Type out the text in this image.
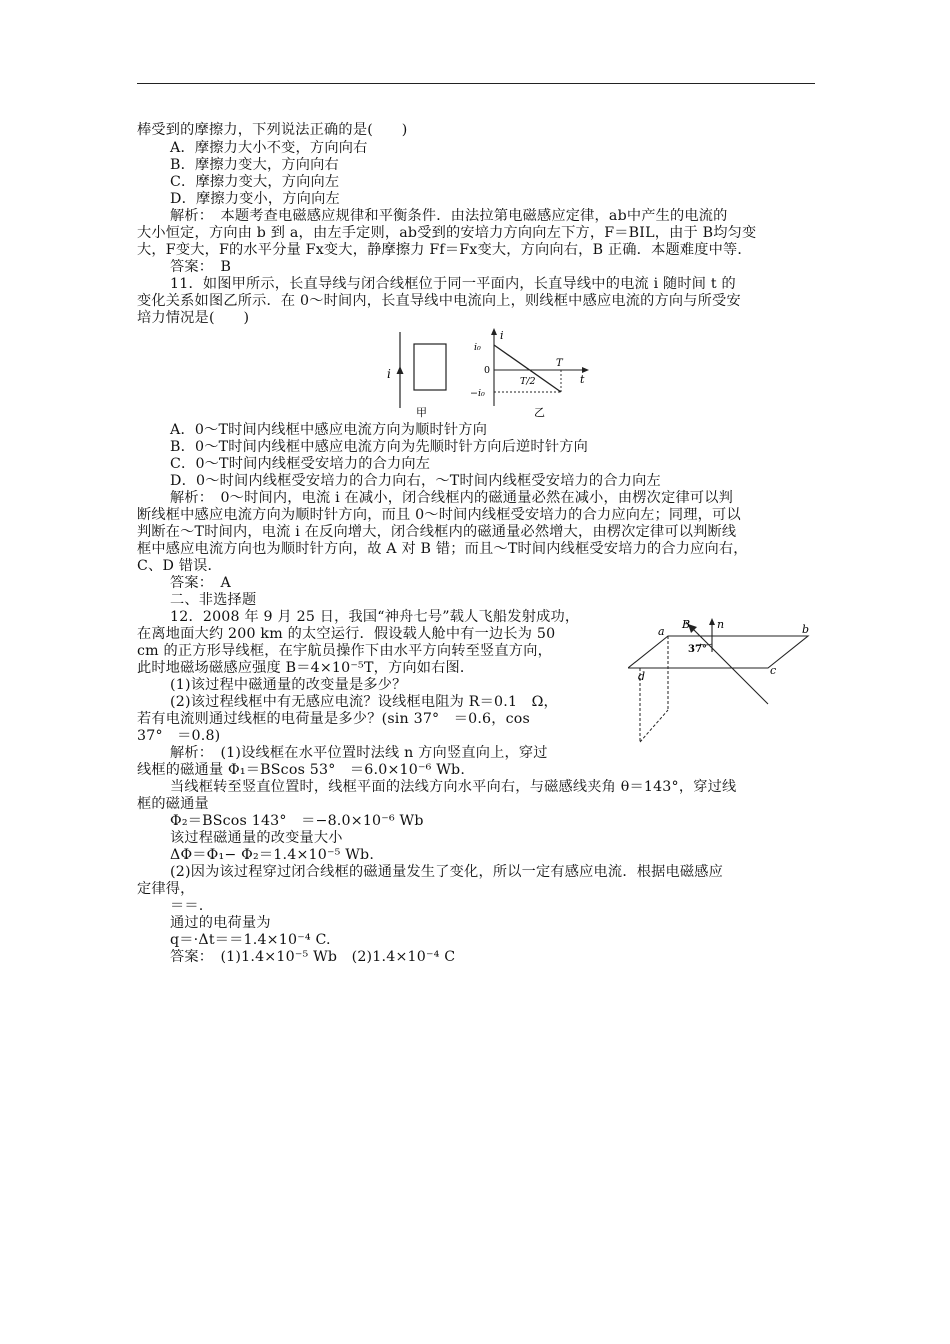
棒受到的摩擦力，下列说法正确的是(　　)
A．摩擦力大小不变，方向向右
B．摩擦力变大，方向向右
C．摩擦力变大，方向向左
D．摩擦力变小，方向向左
解析：　本题考查电磁感应规律和平衡条件．由法拉第电磁感应定律，ab中产生的电流的
大小恒定，方向由 b 到 a，由左手定则，ab受到的安培力方向向左下方，F＝BIL，由于 B均匀变
大，F变大，F的水平分量 Fx变大，静摩擦力 Ff＝Fx变大，方向向右，B 正确．本题难度中等．
答案：　B
11．如图甲所示，长直导线与闭合线框位于同一平面内，长直导线中的电流 i 随时间 t 的
变化关系如图乙所示．在 0～时间内，长直导线中电流向上，则线框中感应电流的方向与所受安
培力情况是(　　)
i
甲
i
t
i₀
0
−i₀
T
T/2
乙
A．0～T时间内线框中感应电流方向为顺时针方向
B．0～T时间内线框中感应电流方向为先顺时针方向后逆时针方向
C．0～T时间内线框受安培力的合力向左
D．0～时间内线框受安培力的合力向右，～T时间内线框受安培力的合力向左
解析：　0～时间内，电流 i 在减小，闭合线框内的磁通量必然在减小，由楞次定律可以判
断线框中感应电流方向为顺时针方向，而且 0～时间内线框受安培力的合力应向左；同理，可以
判断在～T时间内，电流 i 在反向增大，闭合线框内的磁通量必然增大，由楞次定律可以判断线
框中感应电流方向也为顺时针方向，故 A 对 B 错；而且～T时间内线框受安培力的合力应向右，
C、D 错误．
答案：　A
二、非选择题
12．2008 年 9 月 25 日，我国“神舟七号”载人飞船发射成功，
在离地面大约 200 km 的太空运行．假设载人舱中有一边长为 50
cm 的正方形导线框，在宇航员操作下由水平方向转至竖直方向，
此时地磁场磁感应强度 B＝4×10⁻⁵T，方向如右图．
(1)该过程中磁通量的改变量是多少？
(2)该过程线框中有无感应电流？设线框电阻为 R＝0.1　Ω，
若有电流则通过线框的电荷量是多少？(sin 37°　＝0.6，cos
37°　＝0.8)
37°
a	b
c
d
B n
解析：　(1)设线框在水平位置时法线 n 方向竖直向上，穿过
线框的磁通量 Φ₁＝BScos 53°　＝6.0×10⁻⁶ Wb.
当线框转至竖直位置时，线框平面的法线方向水平向右，与磁感线夹角 θ＝143°，穿过线
框的磁通量
Φ₂＝BScos 143°　＝−8.0×10⁻⁶ Wb
该过程磁通量的改变量大小
ΔΦ＝Φ₁− Φ₂＝1.4×10⁻⁵ Wb.
(2)因为该过程穿过闭合线框的磁通量发生了变化，所以一定有感应电流．根据电磁感应
定律得，
＝＝.
通过的电荷量为
q＝·Δt＝＝1.4×10⁻⁴ C.
答案：　(1)1.4×10⁻⁵ Wb　(2)1.4×10⁻⁴ C
